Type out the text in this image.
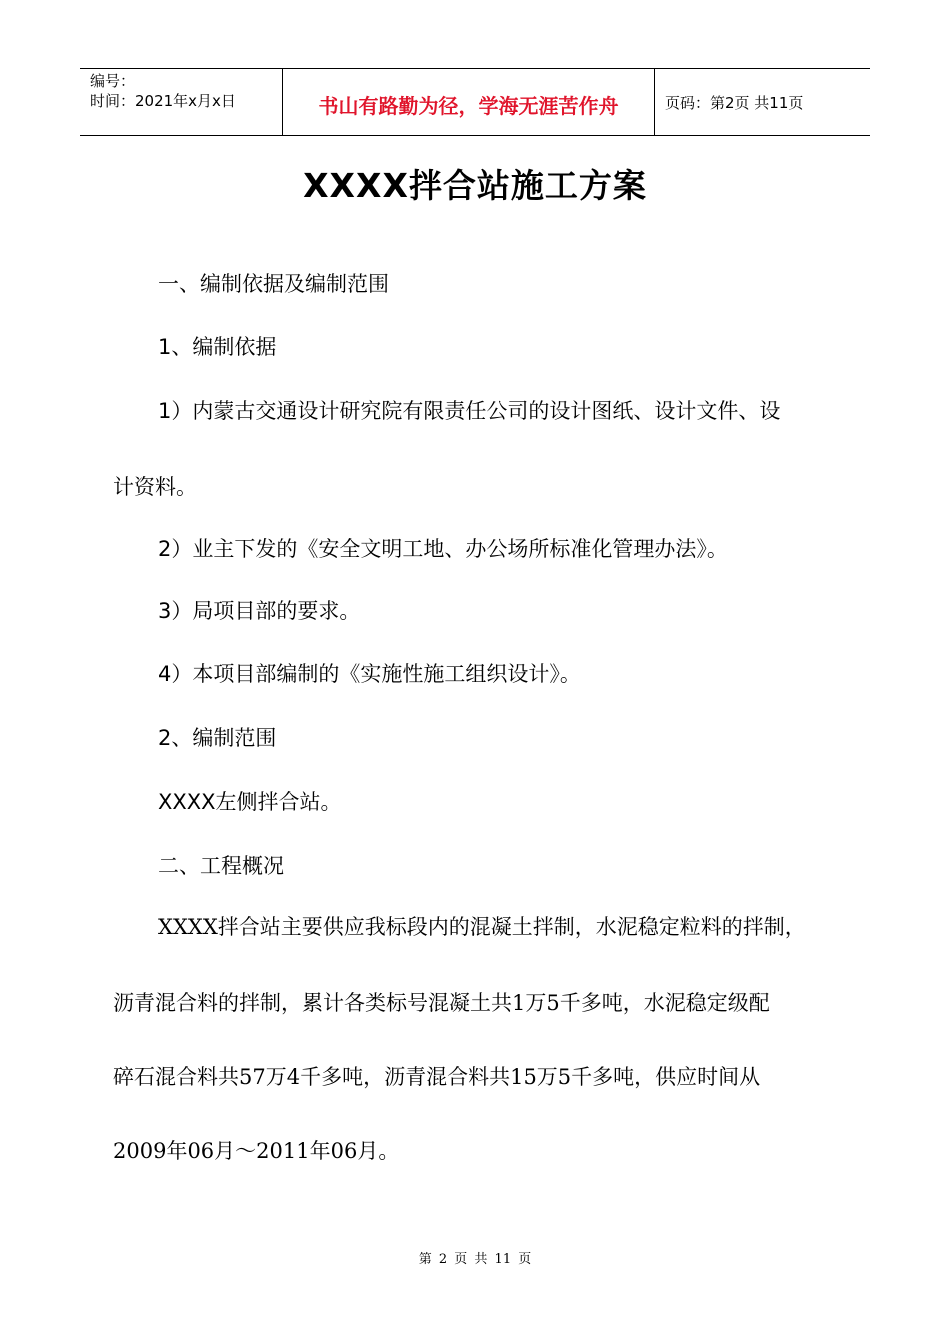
编号：
时间：2021年x月x日	书山有路勤为径，学海无涯苦作舟	页码：第2页 共11页
XXXX拌合站施工方案
一、编制依据及编制范围
1、编制依据
1）内蒙古交通设计研究院有限责任公司的设计图纸、设计文件、设
计资料。
2）业主下发的《安全文明工地、办公场所标准化管理办法》。
3）局项目部的要求。
4）本项目部编制的《实施性施工组织设计》。
2、编制范围
XXXX左侧拌合站。
二、工程概况
XXXX拌合站主要供应我标段内的混凝土拌制，水泥稳定粒料的拌制，
沥青混合料的拌制，累计各类标号混凝土共1万5千多吨，水泥稳定级配
碎石混合料共57万4千多吨，沥青混合料共15万5千多吨，供应时间从
2009年06月～2011年06月。
第 2 页 共 11 页
